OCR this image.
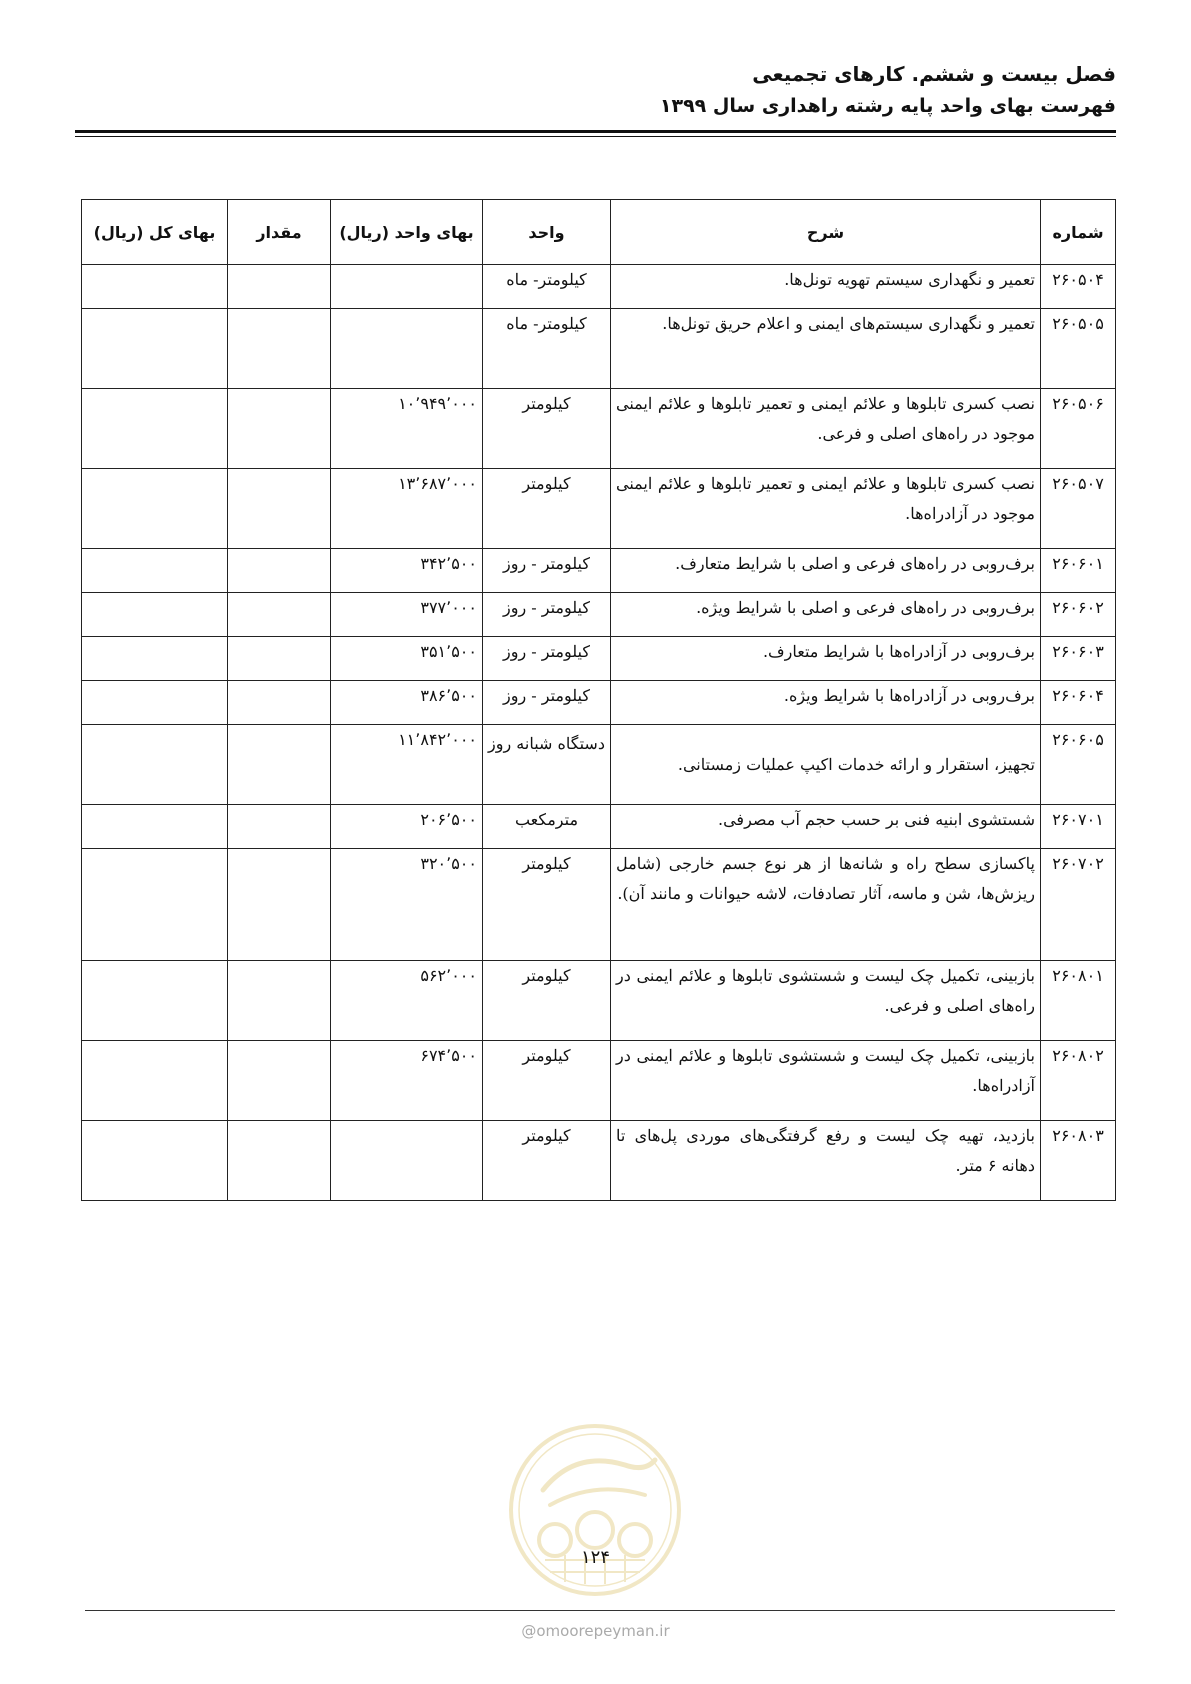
فصل بیست و ششم. کارهای تجمیعی
فهرست بهای واحد پایه رشته راهداری سال ۱۳۹۹
شماره	شرح	واحد	بهای واحد (ریال)	مقدار	بهای کل (ریال)
۲۶۰۵۰۴	تعمیر و نگهداری سیستم تهویه تونل‌ها.	کیلومتر- ماه			
۲۶۰۵۰۵	تعمیر و نگهداری سیستم‌های ایمنی و اعلام حریق تونل‌ها.	کیلومتر- ماه			
۲۶۰۵۰۶	نصب کسری تابلوها و علائم ایمنی و تعمیر تابلوها و علائم ایمنی موجود در راه‌های اصلی و فرعی.	کیلومتر	۱۰٬۹۴۹٬۰۰۰		
۲۶۰۵۰۷	نصب کسری تابلوها و علائم ایمنی و تعمیر تابلوها و علائم ایمنی موجود در آزادراه‌ها.	کیلومتر	۱۳٬۶۸۷٬۰۰۰		
۲۶۰۶۰۱	برف‌روبی در راه‌های فرعی و اصلی با شرایط متعارف.	کیلومتر - روز	۳۴۲٬۵۰۰		
۲۶۰۶۰۲	برف‌روبی در راه‌های فرعی و اصلی با شرایط ویژه.	کیلومتر - روز	۳۷۷٬۰۰۰		
۲۶۰۶۰۳	برف‌روبی در آزادراه‌ها با شرایط متعارف.	کیلومتر - روز	۳۵۱٬۵۰۰		
۲۶۰۶۰۴	برف‌روبی در آزادراه‌ها با شرایط ویژه.	کیلومتر - روز	۳۸۶٬۵۰۰		
۲۶۰۶۰۵	تجهیز، استقرار و ارائه خدمات اکیپ عملیات زمستانی.	دستگاه شبانه روز	۱۱٬۸۴۲٬۰۰۰		
۲۶۰۷۰۱	شستشوی ابنیه فنی بر حسب حجم آب مصرفی.	مترمکعب	۲۰۶٬۵۰۰		
۲۶۰۷۰۲	پاکسازی سطح راه و شانه‌ها از هر نوع جسم خارجی (شامل ریزش‌ها، شن و ماسه، آثار تصادفات، لاشه حیوانات و مانند آن).	کیلومتر	۳۲۰٬۵۰۰		
۲۶۰۸۰۱	بازبینی، تکمیل چک لیست و شستشوی تابلوها و علائم ایمنی در راه‌های اصلی و فرعی.	کیلومتر	۵۶۲٬۰۰۰		
۲۶۰۸۰۲	بازبینی، تکمیل چک لیست و شستشوی تابلوها و علائم ایمنی در آزادراه‌ها.	کیلومتر	۶۷۴٬۵۰۰		
۲۶۰۸۰۳	بازدید، تهیه چک لیست و رفع گرفتگی‌های موردی پل‌های تا دهانه ۶ متر.	کیلومتر			
۱۲۴
@omoorepeyman.ir
